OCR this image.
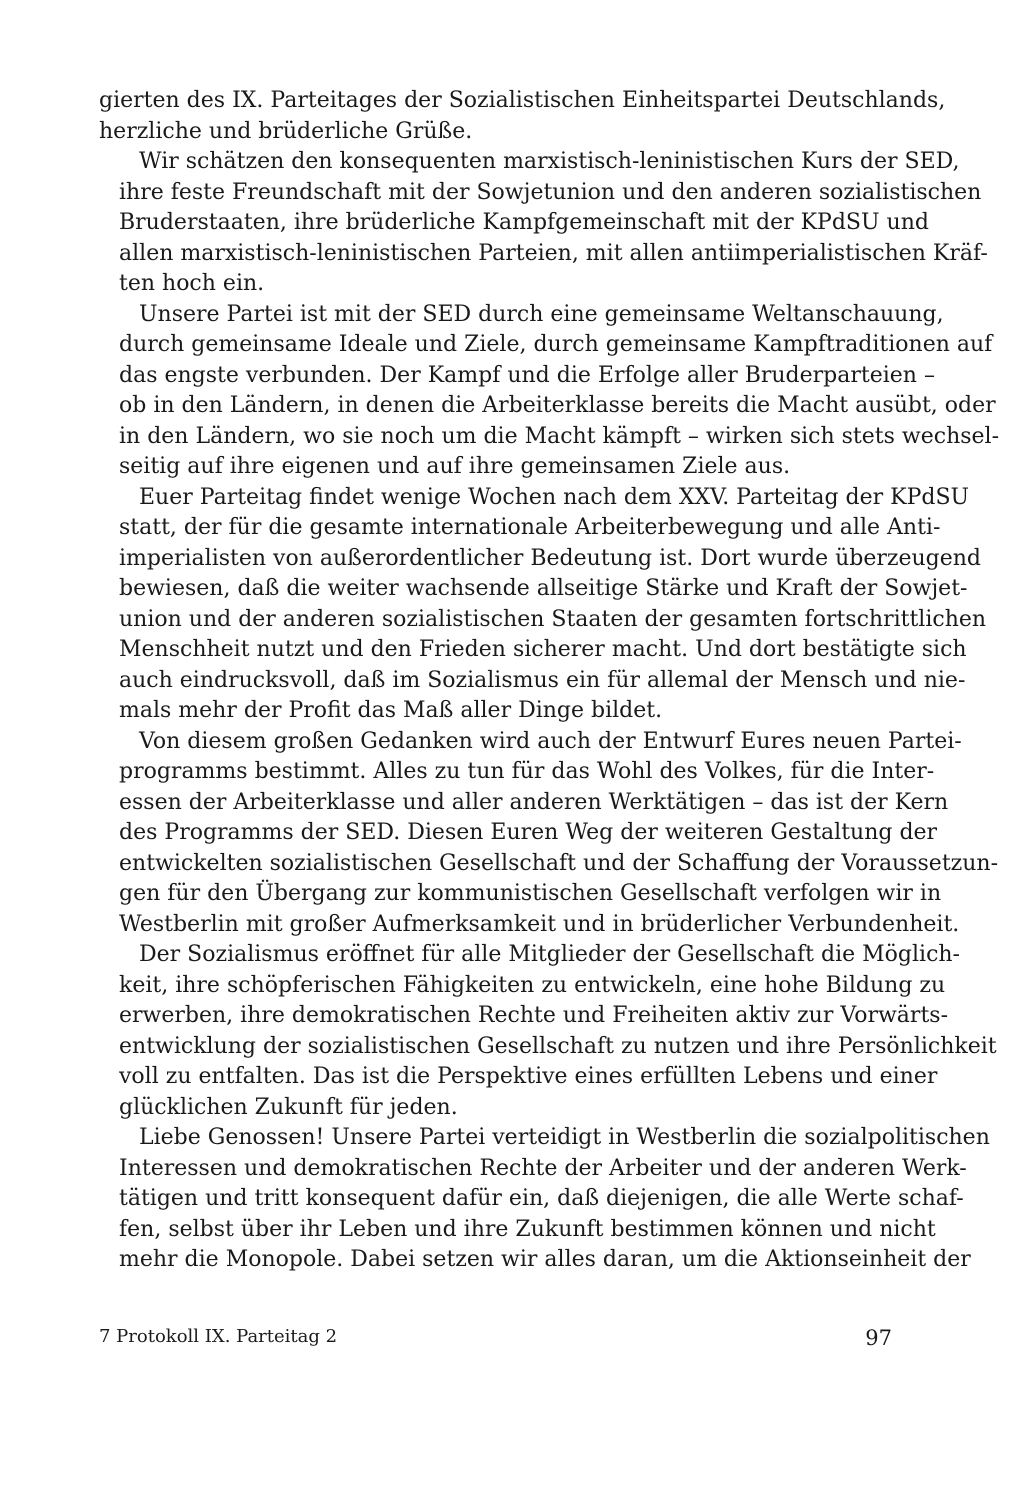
gierten des IX. Parteitages der Sozialistischen Einheitspartei Deutschlands,
herzliche und brüderliche Grüße.
Wir schätzen den konsequenten marxistisch-leninistischen Kurs der SED,
ihre feste Freundschaft mit der Sowjetunion und den anderen sozialistischen
Bruderstaaten, ihre brüderliche Kampfgemeinschaft mit der KPdSU und
allen marxistisch-leninistischen Parteien, mit allen antiimperialistischen Kräf-
ten hoch ein.
Unsere Partei ist mit der SED durch eine gemeinsame Weltanschauung,
durch gemeinsame Ideale und Ziele, durch gemeinsame Kampftraditionen auf
das engste verbunden. Der Kampf und die Erfolge aller Bruderparteien –
ob in den Ländern, in denen die Arbeiterklasse bereits die Macht ausübt, oder
in den Ländern, wo sie noch um die Macht kämpft – wirken sich stets wechsel-
seitig auf ihre eigenen und auf ihre gemeinsamen Ziele aus.
Euer Parteitag findet wenige Wochen nach dem XXV. Parteitag der KPdSU
statt, der für die gesamte internationale Arbeiterbewegung und alle Anti-
imperialisten von außerordentlicher Bedeutung ist. Dort wurde überzeugend
bewiesen, daß die weiter wachsende allseitige Stärke und Kraft der Sowjet-
union und der anderen sozialistischen Staaten der gesamten fortschrittlichen
Menschheit nutzt und den Frieden sicherer macht. Und dort bestätigte sich
auch eindrucksvoll, daß im Sozialismus ein für allemal der Mensch und nie-
mals mehr der Profit das Maß aller Dinge bildet.
Von diesem großen Gedanken wird auch der Entwurf Eures neuen Partei-
programms bestimmt. Alles zu tun für das Wohl des Volkes, für die Inter-
essen der Arbeiterklasse und aller anderen Werktätigen – das ist der Kern
des Programms der SED. Diesen Euren Weg der weiteren Gestaltung der
entwickelten sozialistischen Gesellschaft und der Schaffung der Voraussetzun-
gen für den Übergang zur kommunistischen Gesellschaft verfolgen wir in
Westberlin mit großer Aufmerksamkeit und in brüderlicher Verbundenheit.
Der Sozialismus eröffnet für alle Mitglieder der Gesellschaft die Möglich-
keit, ihre schöpferischen Fähigkeiten zu entwickeln, eine hohe Bildung zu
erwerben, ihre demokratischen Rechte und Freiheiten aktiv zur Vorwärts-
entwicklung der sozialistischen Gesellschaft zu nutzen und ihre Persönlichkeit
voll zu entfalten. Das ist die Perspektive eines erfüllten Lebens und einer
glücklichen Zukunft für jeden.
Liebe Genossen! Unsere Partei verteidigt in Westberlin die sozialpolitischen
Interessen und demokratischen Rechte der Arbeiter und der anderen Werk-
tätigen und tritt konsequent dafür ein, daß diejenigen, die alle Werte schaf-
fen, selbst über ihr Leben und ihre Zukunft bestimmen können und nicht
mehr die Monopole. Dabei setzen wir alles daran, um die Aktionseinheit der
7 Protokoll IX. Parteitag 2	97
